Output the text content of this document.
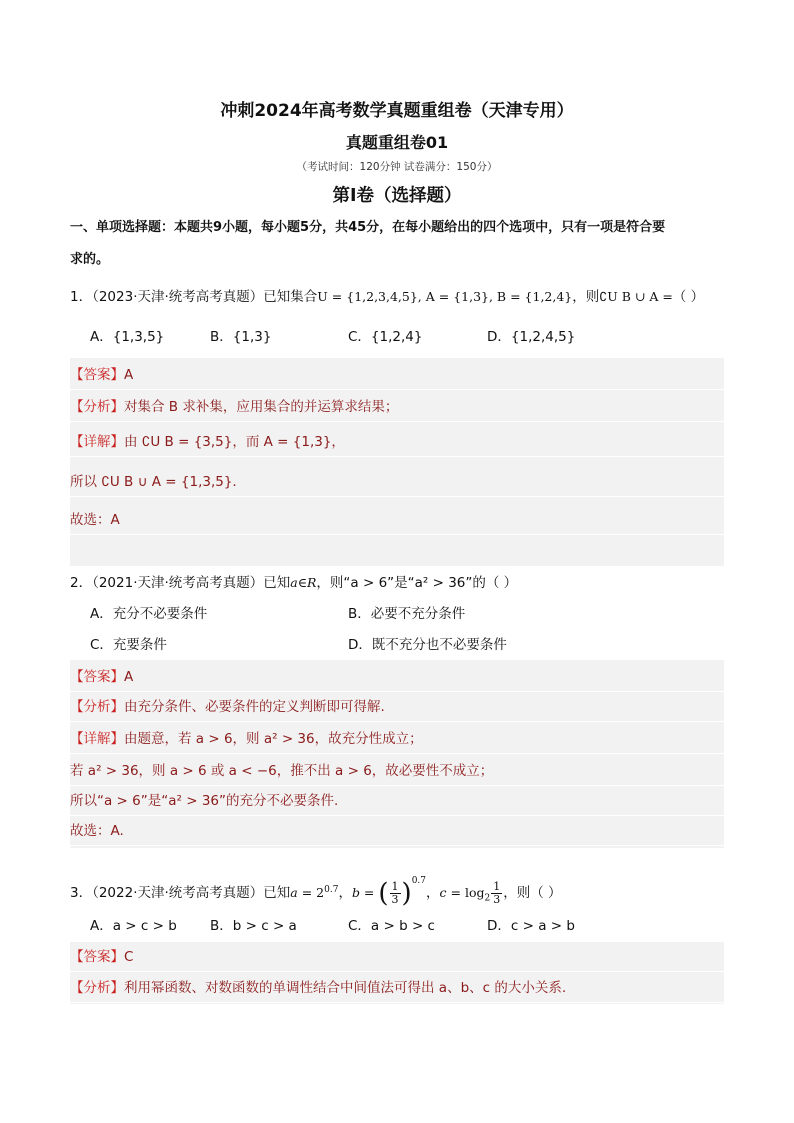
冲刺2024年高考数学真题重组卷（天津专用）
真题重组卷01
（考试时间：120分钟 试卷满分：150分）
第I卷（选择题）
一、单项选择题：本题共9小题，每小题5分，共45分，在每小题给出的四个选项中，只有一项是符合要
求的。
1．（2023·天津·统考高考真题）已知集合U = {1,2,3,4,5}, A = {1,3}, B = {1,2,4}，则∁U B ∪ A =（ ）
A．{1,3,5}	B．{1,3}	C．{1,2,4}	D．{1,2,4,5}
【答案】A
【分析】对集合 B 求补集，应用集合的并运算求结果；
【详解】由 ∁U B = {3,5}，而 A = {1,3}，
所以 ∁U B ∪ A = {1,3,5}.
故选：A
2．（2021·天津·统考高考真题）已知a∈R，则“a > 6”是“a² > 36”的（ ）
A．充分不必要条件	B．必要不充分条件
C．充要条件	D．既不充分也不必要条件
【答案】A
【分析】由充分条件、必要条件的定义判断即可得解.
【详解】由题意，若 a > 6，则 a² > 36，故充分性成立；
若 a² > 36，则 a > 6 或 a < −6，推不出 a > 6，故必要性不成立；
所以“a > 6”是“a² > 36”的充分不必要条件.
故选：A.
3．（2022·天津·统考高考真题）已知$a = 2^{0.7}$，b = ( $\frac{1}{3} )^{0.7}$，$c = \log_2 \frac{1}{3}$ ，则（ ）
A．a > c > b B．b > c > a	C．a > b > c	D．c > a > b
【答案】C
【分析】利用幂函数、对数函数的单调性结合中间值法可得出 a、b、c 的大小关系.
